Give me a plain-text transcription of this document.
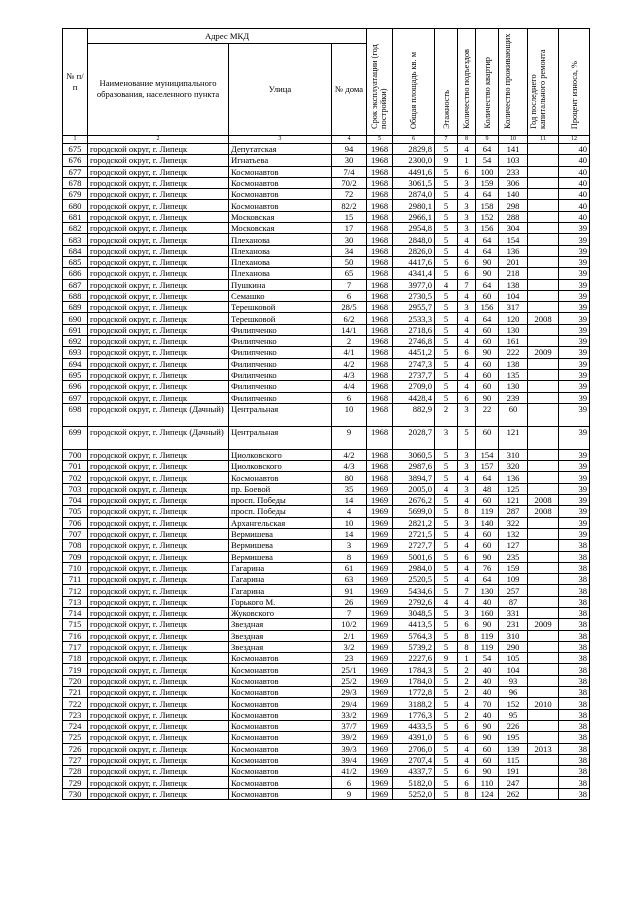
№ п/п	Адрес МКД			Срок эксплуатации (год постройки)	Общая площадь кв. м	Этажность	Количество подъездов	Количество квартир	Количество проживающих	Год последнего капитального ремонта	Процент износа, %
	Наименование муниципального образования, населенного пункта	Улица	№ дома								
1	2	3	4	5	6	7	8	9	10	11	12
675	городской округ, г. Липецк	Депутатская	94	1968	2829,8	5	4	64	141		40
676	городской округ, г. Липецк	Игнатьева	30	1968	2300,0	9	1	54	103		40
677	городской округ, г. Липецк	Космонавтов	7/4	1968	4491,6	5	6	100	233		40
678	городской округ, г. Липецк	Космонавтов	70/2	1968	3061,5	5	3	159	306		40
679	городской округ, г. Липецк	Космонавтов	72	1968	2874,0	5	4	64	140		40
680	городской округ, г. Липецк	Космонавтов	82/2	1968	2980,1	5	3	158	298		40
681	городской округ, г. Липецк	Московская	15	1968	2966,1	5	3	152	288		40
682	городской округ, г. Липецк	Московская	17	1968	2954,8	5	3	156	304		39
683	городской округ, г. Липецк	Плеханова	30	1968	2848,0	5	4	64	154		39
684	городской округ, г. Липецк	Плеханова	34	1968	2826,0	5	4	64	136		39
685	городской округ, г. Липецк	Плеханова	50	1968	4417,6	5	6	90	201		39
686	городской округ, г. Липецк	Плеханова	65	1968	4341,4	5	6	90	218		39
687	городской округ, г. Липецк	Пушкина	7	1968	3977,0	4	7	64	138		39
688	городской округ, г. Липецк	Семашко	6	1968	2730,5	5	4	60	104		39
689	городской округ, г. Липецк	Терешковой	28/5	1968	2955,7	5	3	156	317		39
690	городской округ, г. Липецк	Терешковой	6/2	1968	2533,3	5	4	64	120	2008	39
691	городской округ, г. Липецк	Филипченко	14/1	1968	2718,6	5	4	60	130		39
692	городской округ, г. Липецк	Филипченко	2	1968	2746,8	5	4	60	161		39
693	городской округ, г. Липецк	Филипченко	4/1	1968	4451,2	5	6	90	222	2009	39
694	городской округ, г. Липецк	Филипченко	4/2	1968	2747,3	5	4	60	138		39
695	городской округ, г. Липецк	Филипченко	4/3	1968	2737,7	5	4	60	135		39
696	городской округ, г. Липецк	Филипченко	4/4	1968	2709,0	5	4	60	130		39
697	городской округ, г. Липецк	Филипченко	6	1968	4428,4	5	6	90	239		39
698	городской округ, г. Липецк (Дачный)	Центральная	10	1968	882,9	2	3	22	60		39
699	городской округ, г. Липецк (Дачный)	Центральная	9	1968	2028,7	3	5	60	121		39
700	городской округ, г. Липецк	Циолковского	4/2	1968	3060,5	5	3	154	310		39
701	городской округ, г. Липецк	Циолковского	4/3	1968	2987,6	5	3	157	320		39
702	городской округ, г. Липецк	Космонавтов	80	1968	3894,7	5	4	64	136		39
703	городской округ, г. Липецк	пр. Боевой	35	1969	2005,0	4	3	48	125		39
704	городской округ, г. Липецк	просп. Победы	14	1969	2676,2	5	4	60	121	2008	39
705	городской округ, г. Липецк	просп. Победы	4	1969	5699,0	5	8	119	287	2008	39
706	городской округ, г. Липецк	Архангельская	10	1969	2821,2	5	3	140	322		39
707	городской округ, г. Липецк	Вермишева	14	1969	2721,5	5	4	60	132		39
708	городской округ, г. Липецк	Вермишева	3	1969	2727,7	5	4	60	127		38
709	городской округ, г. Липецк	Вермишева	8	1969	5001,6	5	6	90	235		38
710	городской округ, г. Липецк	Гагарина	61	1969	2984,0	5	4	76	159		38
711	городской округ, г. Липецк	Гагарина	63	1969	2520,5	5	4	64	109		38
712	городской округ, г. Липецк	Гагарина	91	1969	5434,6	5	7	130	257		38
713	городской округ, г. Липецк	Горького М.	26	1969	2792,6	4	4	40	87		38
714	городской округ, г. Липецк	Жуковского	7	1969	3048,5	5	3	160	331		38
715	городской округ, г. Липецк	Звездная	10/2	1969	4413,5	5	6	90	231	2009	38
716	городской округ, г. Липецк	Звездная	2/1	1969	5764,3	5	8	119	310		38
717	городской округ, г. Липецк	Звездная	3/2	1969	5739,2	5	8	119	290		38
718	городской округ, г. Липецк	Космонавтов	23	1969	2227,6	9	1	54	105		38
719	городской округ, г. Липецк	Космонавтов	25/1	1969	1784,3	5	2	40	104		38
720	городской округ, г. Липецк	Космонавтов	25/2	1969	1784,0	5	2	40	93		38
721	городской округ, г. Липецк	Космонавтов	29/3	1969	1772,8	5	2	40	96		38
722	городской округ, г. Липецк	Космонавтов	29/4	1969	3188,2	5	4	70	152	2010	38
723	городской округ, г. Липецк	Космонавтов	33/2	1969	1776,3	5	2	40	95		38
724	городской округ, г. Липецк	Космонавтов	37/7	1969	4433,5	5	6	90	226		38
725	городской округ, г. Липецк	Космонавтов	39/2	1969	4391,0	5	6	90	195		38
726	городской округ, г. Липецк	Космонавтов	39/3	1969	2706,0	5	4	60	139	2013	38
727	городской округ, г. Липецк	Космонавтов	39/4	1969	2707,4	5	4	60	115		38
728	городской округ, г. Липецк	Космонавтов	41/2	1969	4337,7	5	6	90	191		38
729	городской округ, г. Липецк	Космонавтов	6	1969	5182,0	5	6	110	247		38
730	городской округ, г. Липецк	Космонавтов	9	1969	5252,0	5	8	124	262		38
